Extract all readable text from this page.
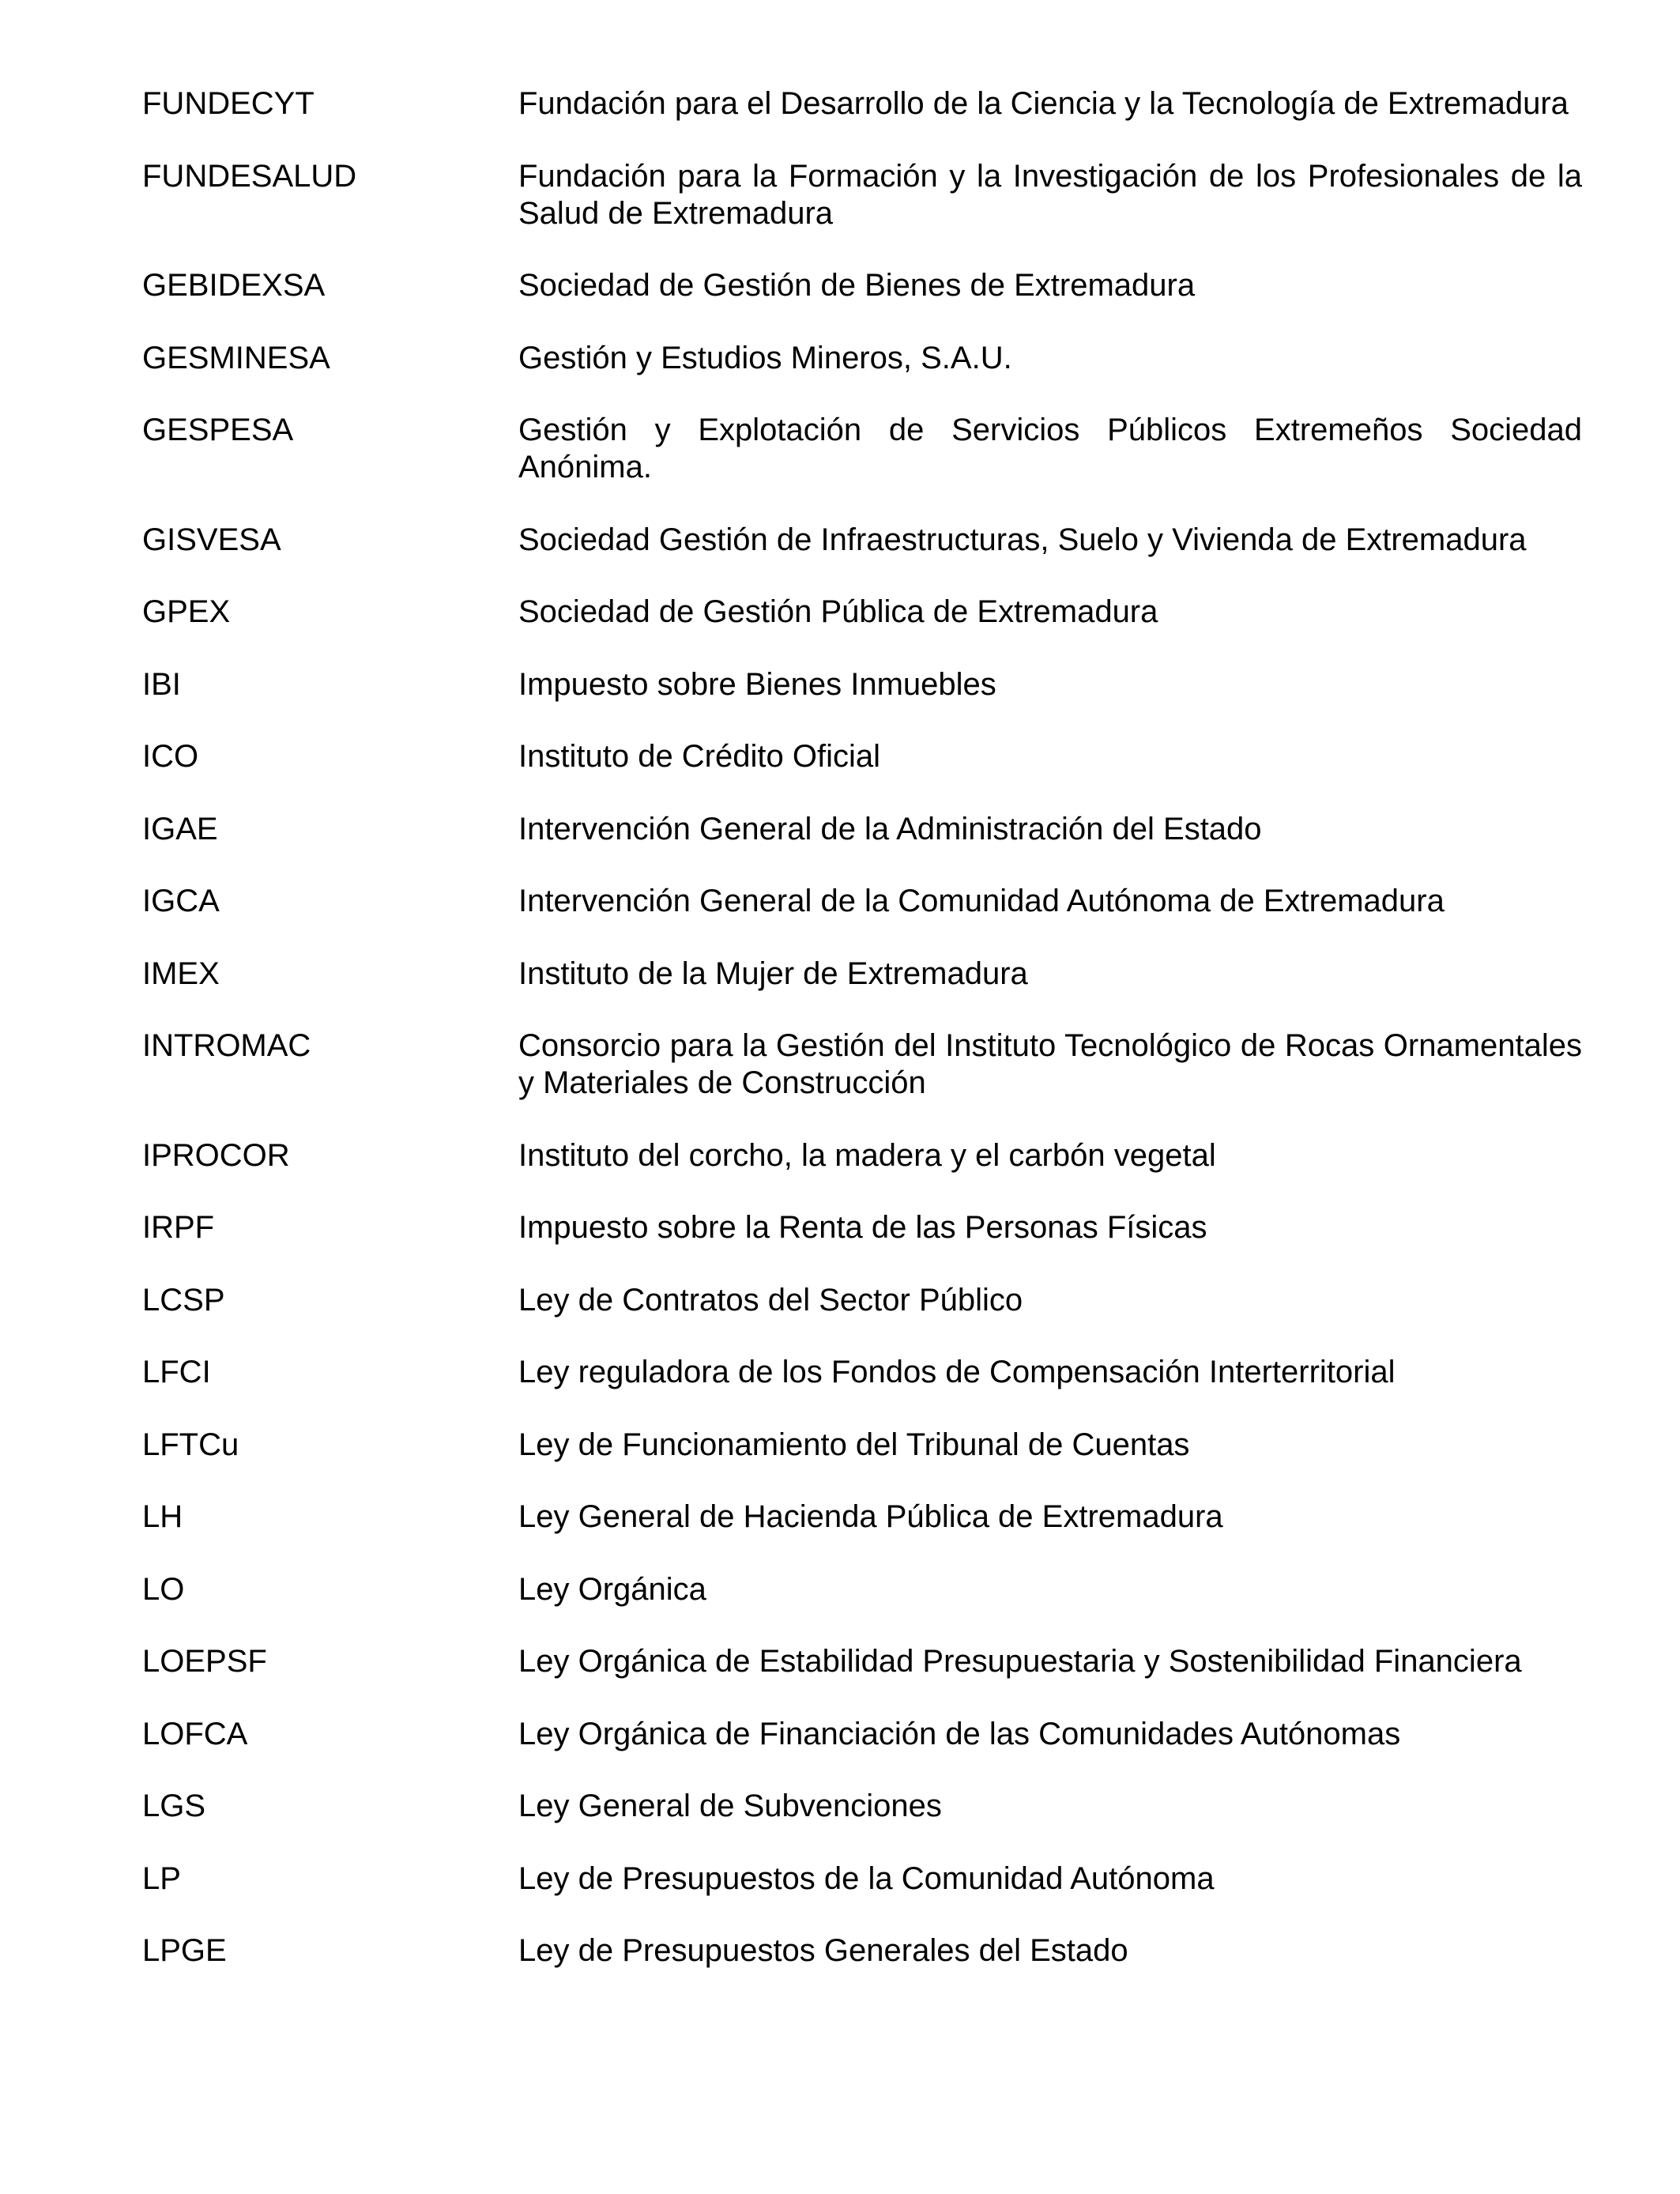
FUNDECYT	Fundación para el Desarrollo de la Ciencia y la Tecnología de Extremadura
FUNDESALUD	Fundación para la Formación y la Investigación de los Profesionales de la Salud de Extremadura
GEBIDEXSA	Sociedad de Gestión de Bienes de Extremadura
GESMINESA	Gestión y Estudios Mineros, S.A.U.
GESPESA	Gestión y Explotación de Servicios Públicos Extremeños Sociedad Anónima.
GISVESA	Sociedad Gestión de Infraestructuras, Suelo y Vivienda de Extremadura
GPEX	Sociedad de Gestión Pública de Extremadura
IBI	Impuesto sobre Bienes Inmuebles
ICO	Instituto de Crédito Oficial
IGAE	Intervención General de la Administración del Estado
IGCA	Intervención General de la Comunidad Autónoma de Extremadura
IMEX	Instituto de la Mujer de Extremadura
INTROMAC	Consorcio para la Gestión del Instituto Tecnológico de Rocas Ornamentales y Materiales de Construcción
IPROCOR	Instituto del corcho, la madera y el carbón vegetal
IRPF	Impuesto sobre la Renta de las Personas Físicas
LCSP	Ley de Contratos del Sector Público
LFCI	Ley reguladora de los Fondos de Compensación Interterritorial
LFTCu	Ley de Funcionamiento del Tribunal de Cuentas
LH	Ley General de Hacienda Pública de Extremadura
LO	Ley Orgánica
LOEPSF	Ley Orgánica de Estabilidad Presupuestaria y Sostenibilidad Financiera
LOFCA	Ley Orgánica de Financiación de las Comunidades Autónomas
LGS	Ley General de Subvenciones
LP	Ley de Presupuestos de la Comunidad Autónoma
LPGE	Ley de Presupuestos Generales del Estado
